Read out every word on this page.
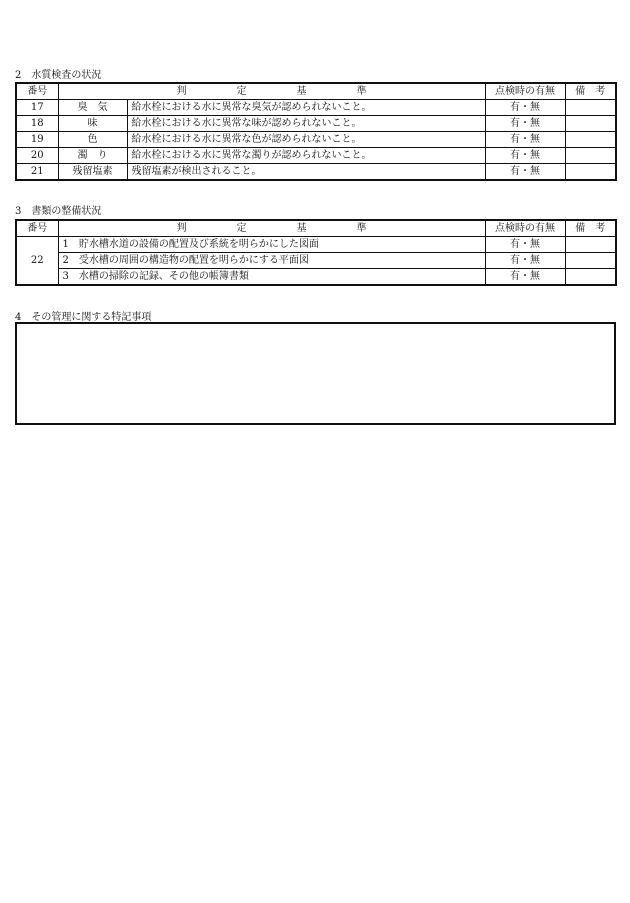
2　水質検査の状況
番号	判　　　　　定　　　　　基　　　　　準		点検時の有無	備　考
17	臭　気	給水栓における水に異常な臭気が認められないこと。	有・無	
18	味	給水栓における水に異常な味が認められないこと。	有・無	
19	色	給水栓における水に異常な色が認められないこと。	有・無	
20	濁　り	給水栓における水に異常な濁りが認められないこと。	有・無	
21	残留塩素	残留塩素が検出されること。	有・無	
3　書類の整備状況
番号	判　　　　　定　　　　　基　　　　　準	点検時の有無	備　考
22	1　貯水槽水道の設備の配置及び系統を明らかにした図面	有・無	
	2　受水槽の周囲の構造物の配置を明らかにする平面図	有・無	
	3　水槽の掃除の記録、その他の帳簿書類	有・無	
4　その管理に関する特記事項
